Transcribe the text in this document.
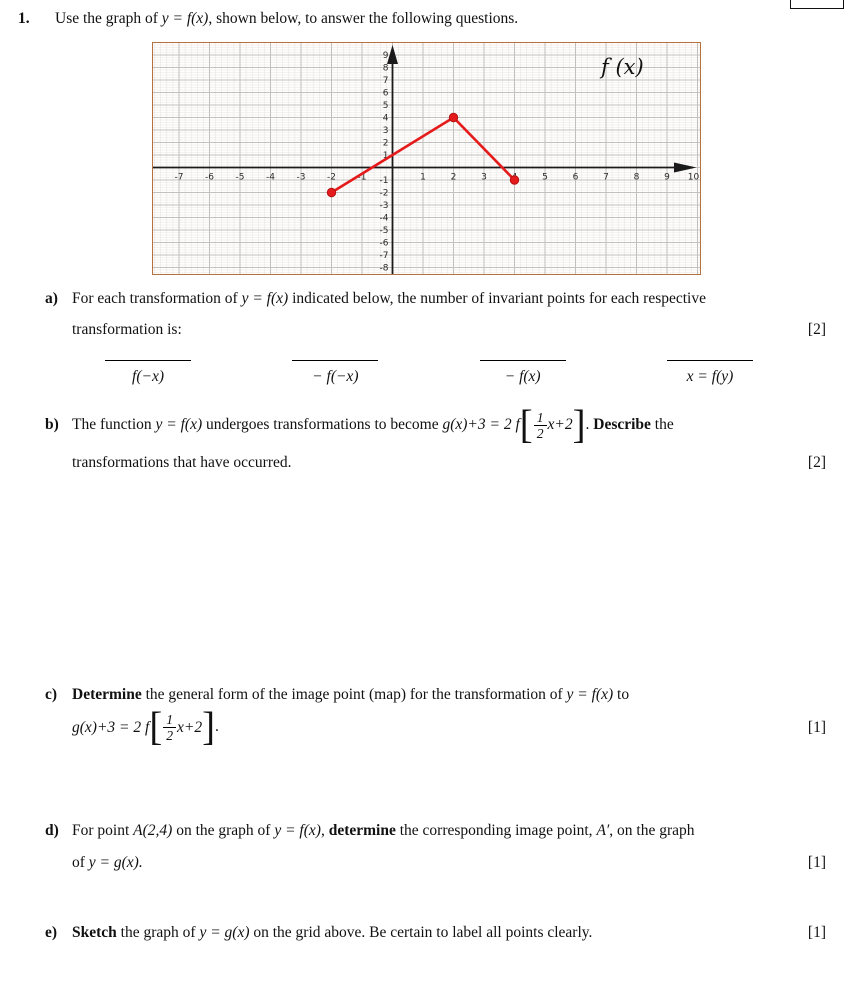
1. Use the graph of y = f(x), shown below, to answer the following questions.
-7 -6 -5 -4 -3 -2 -1	1	2	3	5	6	7	8	9 10
9
8
7
6
5
4
3
2
1
-1
-2
-3
-4
-5
-6
-7
-8
f (x)
a) For each transformation of y = f(x) indicated below, the number of invariant points for each respective
transformation is:	[2]
f(−x)	− f(−x)	− f(x)	x = f(y)
b) The function y = f(x) undergoes transformations to become g(x)+3 = 2 f [ $\frac{1}{2} x+2$ ] . Describe the
transformations that have occurred.	[2]
c) Determine the general form of the image point (map) for the transformation of y = f(x) to
g(x)+3 = 2 f [ $\frac{1}{2} x+2$ ] .	[1]
d) For point A(2,4) on the graph of y = f(x), determine the corresponding image point, A′, on the graph
of y = g(x).	[1]
e) Sketch the graph of y = g(x) on the grid above. Be certain to label all points clearly.	[1]
